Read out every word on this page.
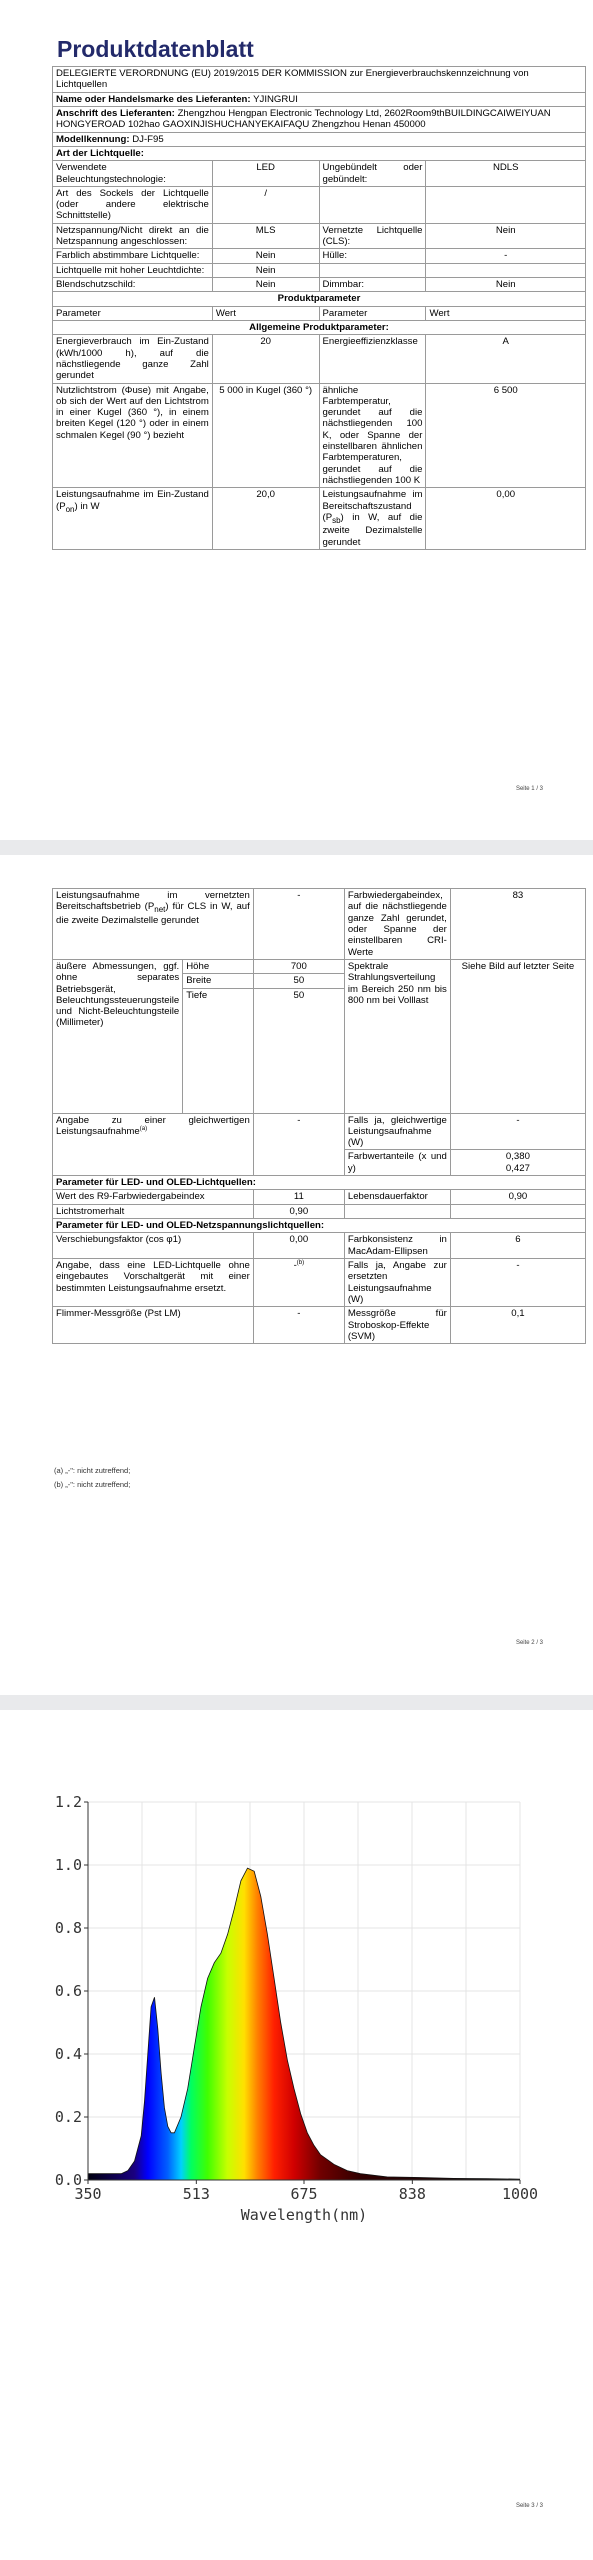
Produktdatenblatt
DELEGIERTE VERORDNUNG (EU) 2019/2015 DER KOMMISSION zur Energieverbrauchskennzeichnung von Lichtquellen			
Name oder Handelsmarke des Lieferanten: YJINGRUI			
Anschrift des Lieferanten: Zhengzhou Hengpan Electronic Technology Ltd, 2602Room9thBUILDINGCAIWEIYUAN HONGYEROAD 102hao GAOXINJISHUCHANYEKAIFAQU Zhengzhou Henan 450000			
Modellkennung: DJ-F95			
Art der Lichtquelle:			
Verwendete Beleuchtungstechnologie:	LED	Ungebündelt oder gebündelt:	NDLS
Art des Sockels der Lichtquelle (oder andere elektrische Schnittstelle)	/		
Netzspannung/Nicht direkt an die Netzspannung angeschlossen:	MLS	Vernetzte Lichtquelle (CLS):	Nein
Farblich abstimmbare Lichtquelle:	Nein	Hülle:	-
Lichtquelle mit hoher Leuchtdichte:	Nein		
Blendschutzschild:	Nein	Dimmbar:	Nein
Produktparameter			
Parameter	Wert	Parameter	Wert
Allgemeine Produktparameter:			
Energieverbrauch im Ein-Zustand (kWh/1000 h), auf die nächstliegende ganze Zahl gerundet	20	Energieeffizienzklasse	A
Nutzlichtstrom (Φuse) mit Angabe, ob sich der Wert auf den Lichtstrom in einer Kugel (360 °), in einem breiten Kegel (120 °) oder in einem schmalen Kegel (90 °) bezieht	5 000 in Kugel (360 °)	ähnliche Farbtemperatur, gerundet auf die nächstliegenden 100 K, oder Spanne der einstellbaren ähnlichen Farbtemperaturen, gerundet auf die nächstliegenden 100 K	6 500
Leistungsaufnahme im Ein-Zustand $(P_{on})$ in W	20,0	Leistungsaufnahme im Bereitschaftszustand $(P_{sb})$ in W, auf die zweite Dezimalstelle gerundet	0,00
Seite 1 / 3
Leistungsaufnahme im vernetzten Bereitschaftsbetrieb $(P_{net})$ für CLS in W, auf die zweite Dezimalstelle gerundet		-	Farbwiedergabeindex, auf die nächstliegende ganze Zahl gerundet, oder Spanne der einstellbaren CRI-Werte	83
äußere Abmessungen, ggf. ohne separates Betriebsgerät, Beleuchtungssteuerungsteile und Nicht-Beleuchtungsteile (Millimeter)	Höhe	700	Spektrale Strahlungsverteilung im Bereich 250 nm bis 800 nm bei Volllast	Siehe Bild auf letzter Seite
	Breite	50		
	Tiefe	50		
Angabe zu einer gleichwertigen Leistungsaufnahme$^{(a)}$		-	Falls ja, gleichwertige Leistungsaufnahme (W)	-
			Farbwertanteile (x und y)	0,380
0,427

Parameter für LED- und OLED-Lichtquellen:				
Wert des R9-Farbwiedergabeindex		11	Lebensdauerfaktor	0,90
Lichtstromerhalt		0,90		
Parameter für LED- und OLED-Netzspannungslichtquellen:				
Verschiebungsfaktor (cos φ1)		0,00	Farbkonsistenz in MacAdam-Ellipsen	6
Angabe, dass eine LED-Lichtquelle ohne eingebautes Vorschaltgerät mit einer bestimmten Leistungsaufnahme ersetzt.		-$^{(b)}$	Falls ja, Angabe zur ersetzten Leistungsaufnahme (W)	-
Flimmer-Messgröße (Pst LM)		-	Messgröße für Stroboskop-Effekte (SVM)	0,1
(a) „-": nicht zutreffend;
(b) „-": nicht zutreffend;
Seite 2 / 3
0.0
0.2
0.4
0.6
0.8
1.0
1.2
350	513	675	838	1000
Wavelength(nm)
Seite 3 / 3
